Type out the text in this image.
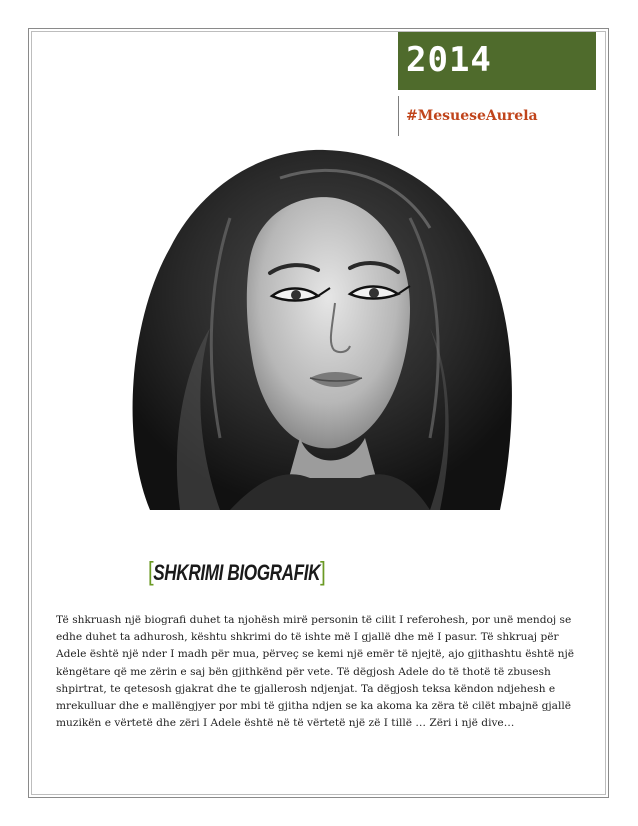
2014
#MesueseAurela
[SHKRIMI BIOGRAFIK]
Të shkruash një biografi duhet ta njohësh mirë personin të cilit I referohesh, por unë mendoj se edhe duhet ta adhurosh, kështu shkrimi do të ishte më I gjallë dhe më I pasur. Të shkruaj për Adele është një nder I madh për mua, përveç se kemi një emër të njejtë, ajo gjithashtu është një këngëtare që me zërin e saj bën gjithkënd për vete. Të dëgjosh Adele do të thotë të zbusesh shpirtrat, te qetesosh gjakrat dhe te gjallerosh ndjenjat. Ta dëgjosh teksa këndon ndjehesh e mrekulluar dhe e mallëngjyer por mbi të gjitha ndjen se ka akoma ka zëra të cilët mbajnë gjallë muzikën e vërtetë dhe zëri I Adele është në të vërtetë një zë I tillë … Zëri i një dive…
